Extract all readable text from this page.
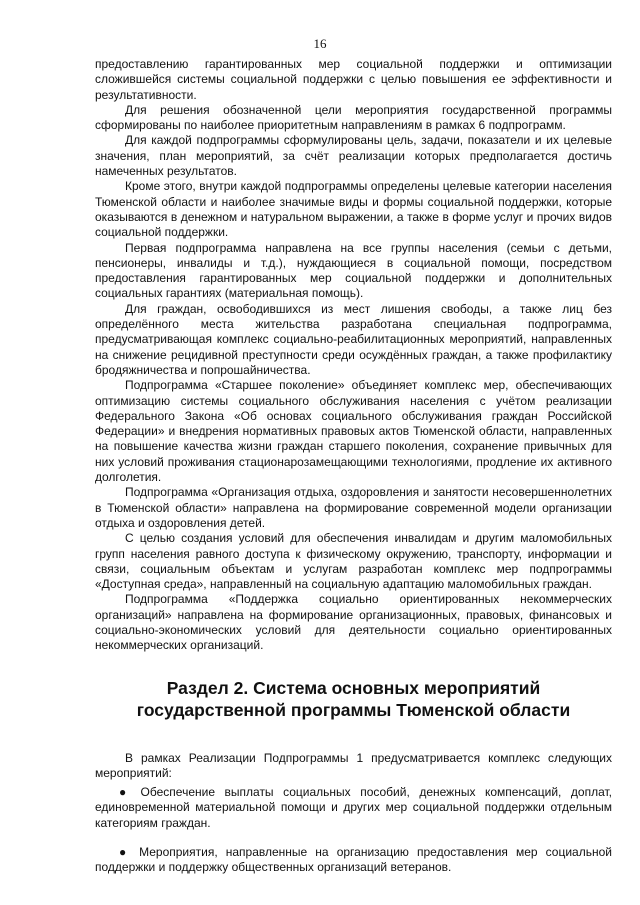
16

предоставлению гарантированных мер социальной поддержки и оптимизации сложившейся системы социальной поддержки с целью повышения ее эффективности и результативности.

Для решения обозначенной цели мероприятия государственной программы сформированы по наиболее приоритетным направлениям в рамках 6 подпрограмм.

Для каждой подпрограммы сформулированы цель, задачи, показатели и их целевые значения, план мероприятий, за счёт реализации которых предполагается достичь намеченных результатов.

Кроме этого, внутри каждой подпрограммы определены целевые категории населения Тюменской области и наиболее значимые виды и формы социальной поддержки, которые оказываются в денежном и натуральном выражении, а также в форме услуг и прочих видов социальной поддержки.

Первая подпрограмма направлена на все группы населения (семьи с детьми, пенсионеры, инвалиды и т.д.), нуждающиеся в социальной помощи, посредством предоставления гарантированных мер социальной поддержки и дополнительных социальных гарантиях (материальная помощь).

Для граждан, освободившихся из мест лишения свободы, а также лиц без определённого места жительства разработана специальная подпрограмма, предусматривающая комплекс социально-реабилитационных мероприятий, направленных на снижение рецидивной преступности среди осуждённых граждан, а также профилактику бродяжничества и попрошайничества.

Подпрограмма «Старшее поколение» объединяет комплекс мер, обеспечивающих оптимизацию системы социального обслуживания населения с учётом реализации Федерального Закона «Об основах социального обслуживания граждан Российской Федерации» и внедрения нормативных правовых актов Тюменской области, направленных на повышение качества жизни граждан старшего поколения, сохранение привычных для них условий проживания стационарозамещающими технологиями, продление их активного долголетия.

Подпрограмма «Организация отдыха, оздоровления и занятости несовершеннолетних в Тюменской области» направлена на формирование современной модели организации отдыха и оздоровления детей.

С целью создания условий для обеспечения инвалидам и другим маломобильных групп населения равного доступа к физическому окружению, транспорту, информации и связи, социальным объектам и услугам разработан комплекс мер подпрограммы «Доступная среда», направленный на социальную адаптацию маломобильных граждан.

Подпрограмма «Поддержка социально ориентированных некоммерческих организаций» направлена на формирование организационных, правовых, финансовых и социально-экономических условий для деятельности социально ориентированных некоммерческих организаций.

Раздел 2. Система основных мероприятий
государственной программы Тюменской области

В рамках Реализации Подпрограммы 1 предусматривается комплекс следующих мероприятий:

● Обеспечение выплаты социальных пособий, денежных компенсаций, доплат, единовременной материальной помощи и других мер социальной поддержки отдельным категориям граждан.
● Мероприятия, направленные на организацию предоставления мер социальной поддержки и поддержку общественных организаций ветеранов.
